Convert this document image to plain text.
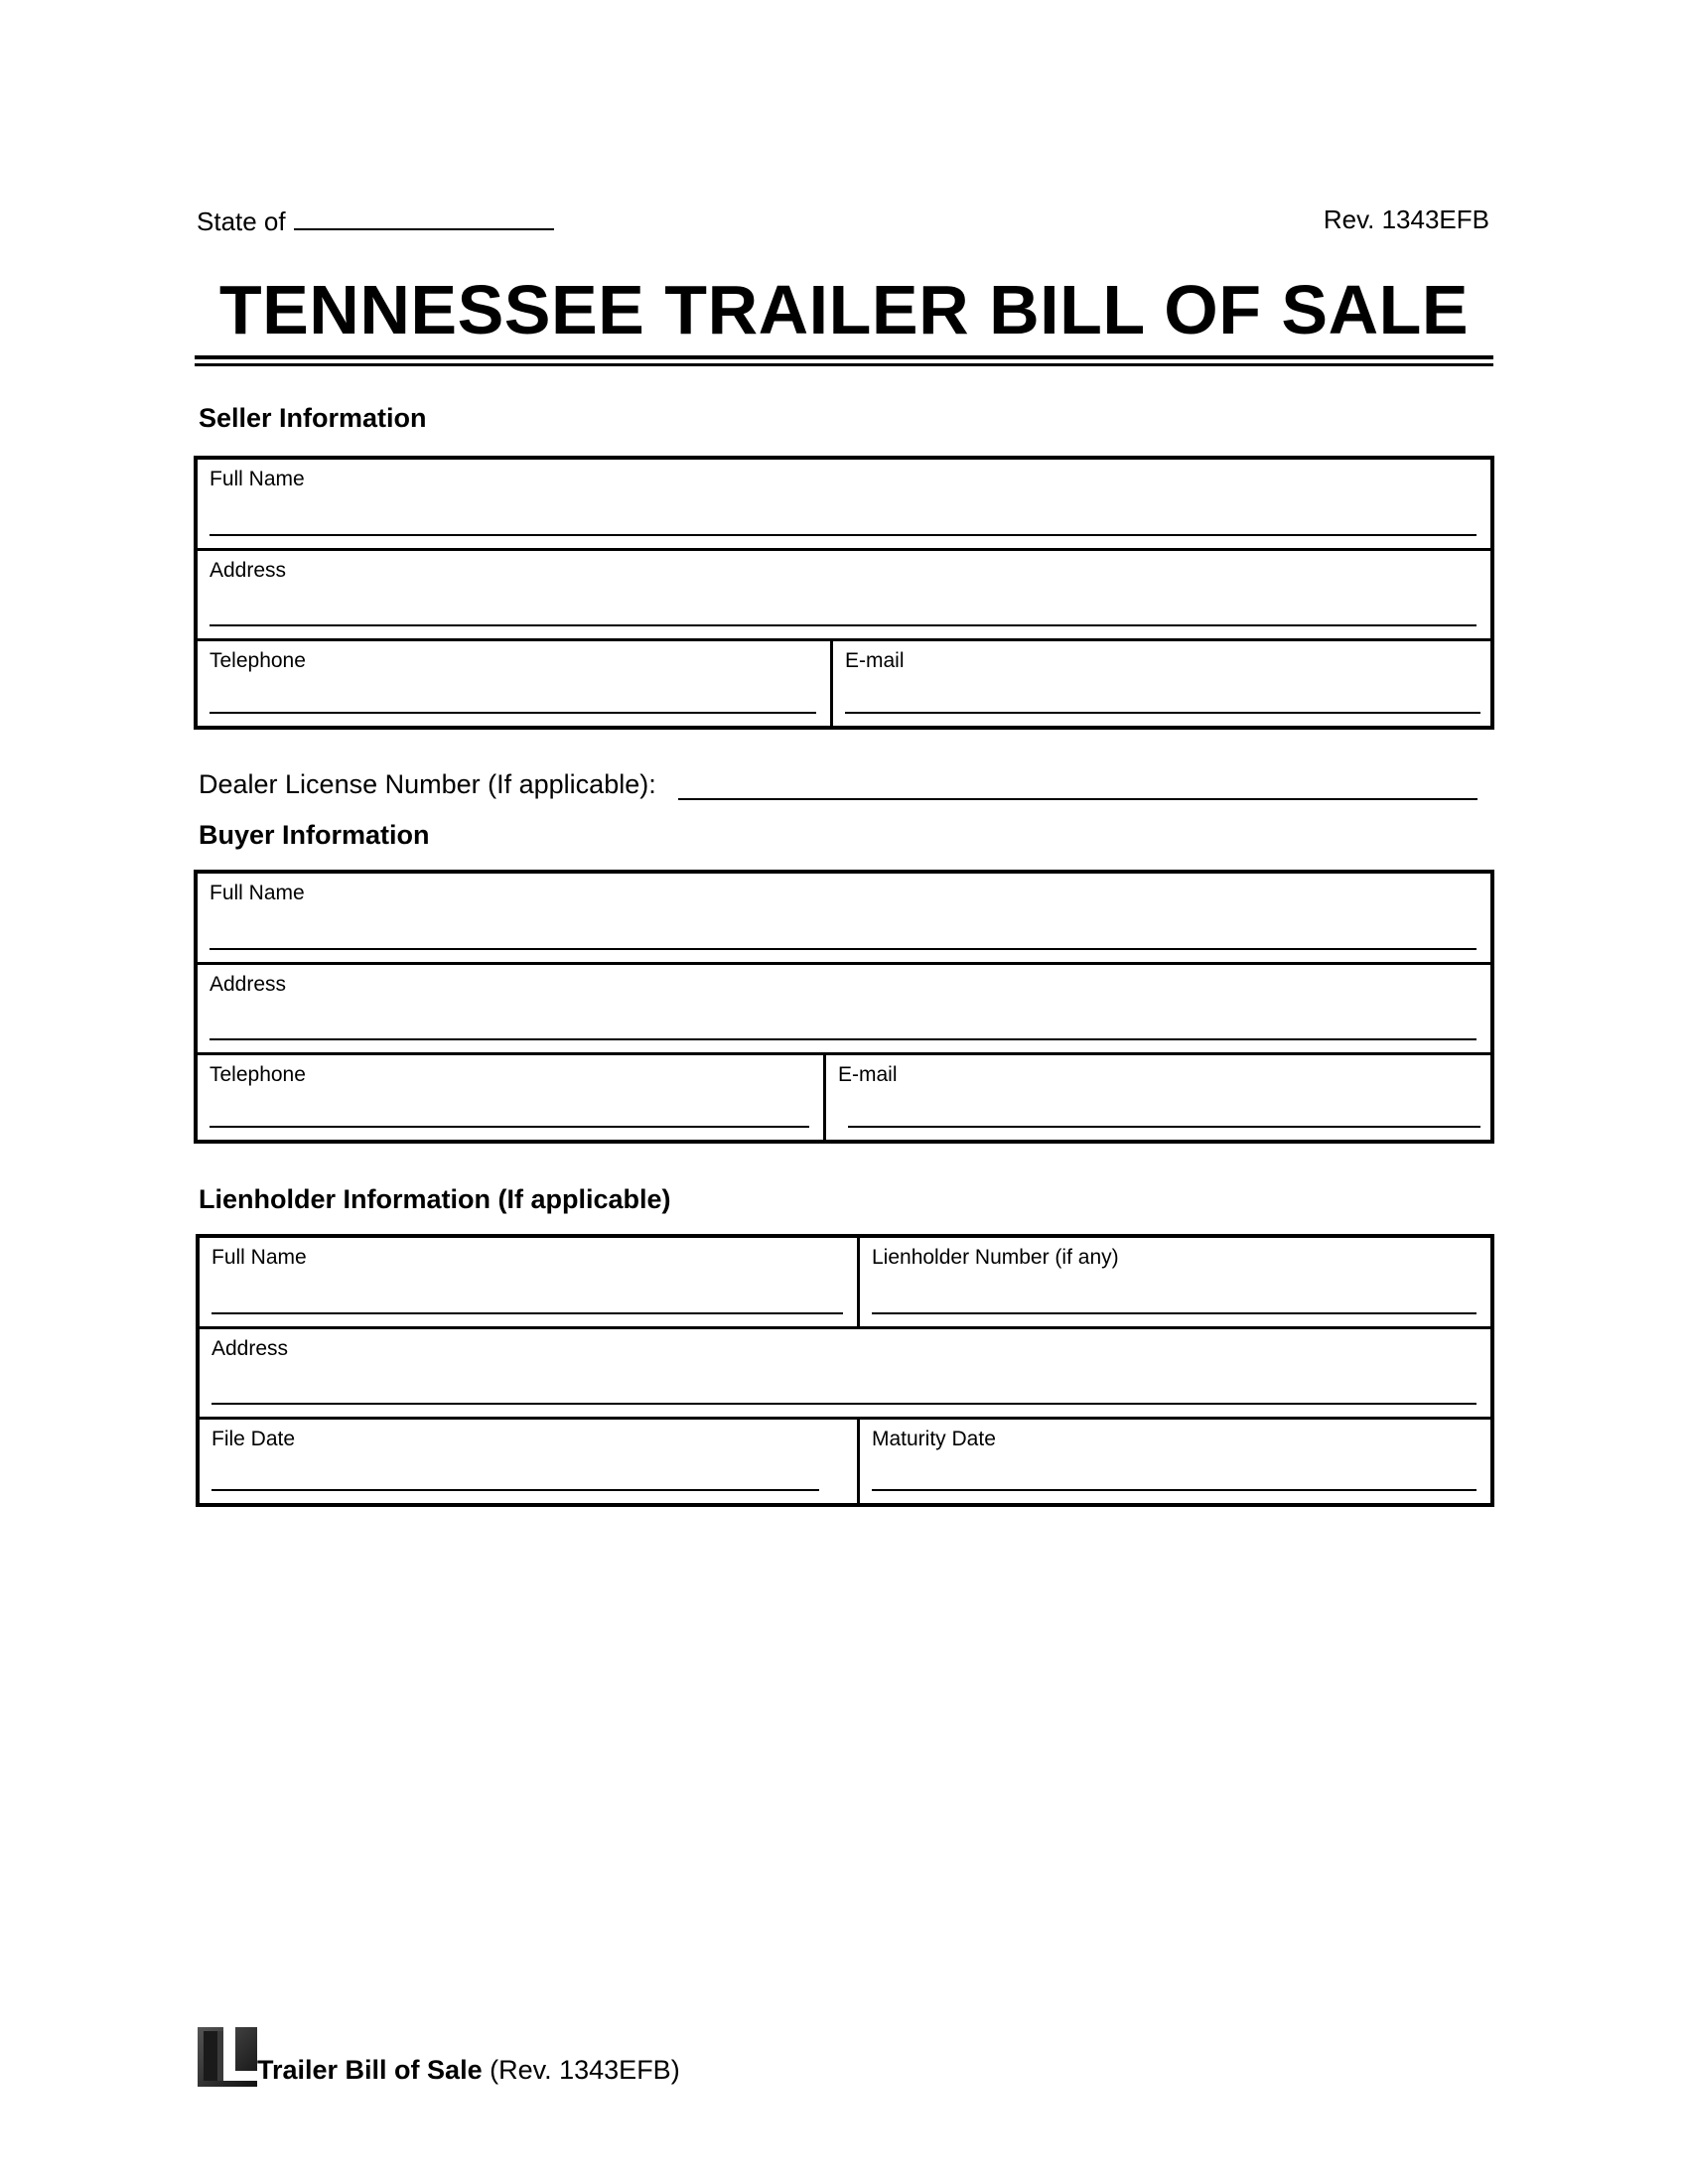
State of	Rev. 1343EFB
TENNESSEE TRAILER BILL OF SALE
Seller Information
Full Name
Address
Telephone	E-mail
Dealer License Number (If applicable):
Buyer Information
Full Name
Address
Telephone	E-mail
Lienholder Information (If applicable)
Full Name	Lienholder Number (if any)
Address
File Date	Maturity Date
Trailer Bill of Sale (Rev. 1343EFB)
